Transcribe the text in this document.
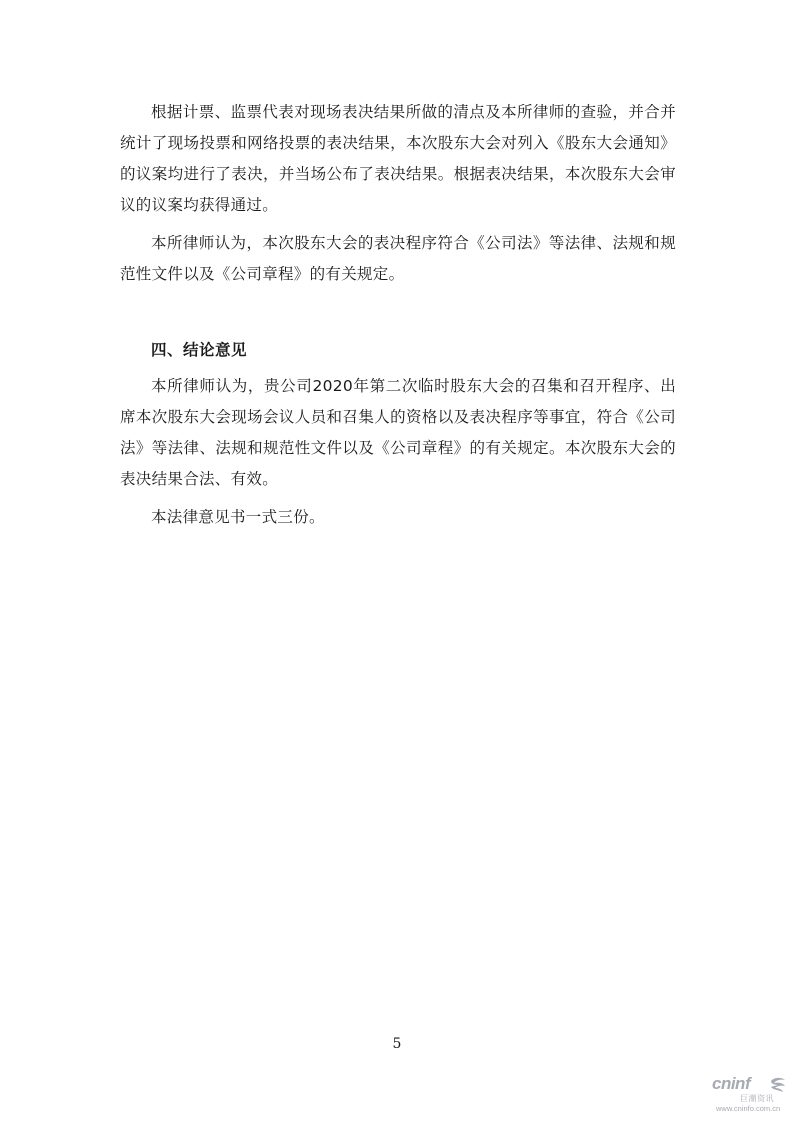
根据计票、监票代表对现场表决结果所做的清点及本所律师的查验，并合并统计了现场投票和网络投票的表决结果，本次股东大会对列入《股东大会通知》的议案均进行了表决，并当场公布了表决结果。根据表决结果，本次股东大会审议的议案均获得通过。

本所律师认为，本次股东大会的表决程序符合《公司法》等法律、法规和规范性文件以及《公司章程》的有关规定。

四、结论意见

本所律师认为，贵公司2020年第二次临时股东大会的召集和召开程序、出席本次股东大会现场会议人员和召集人的资格以及表决程序等事宜，符合《公司法》等法律、法规和规范性文件以及《公司章程》的有关规定。本次股东大会的表决结果合法、有效。

本法律意见书一式三份。

5
cninf
巨潮资讯
www.cninfo.com.cn
